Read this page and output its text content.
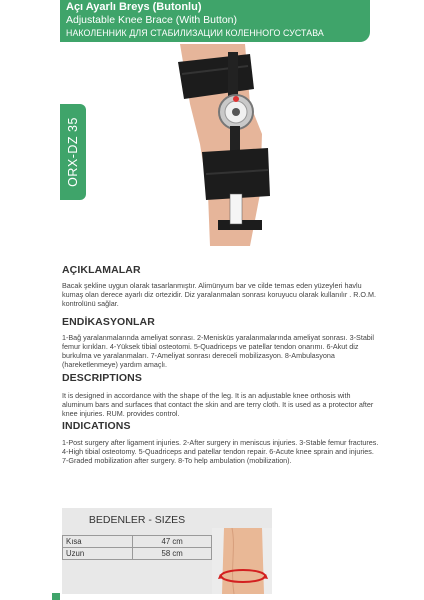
Açı Ayarlı Breys (Butonlu)
Adjustable Knee Brace (With Button)
НАКОЛЕННИК ДЛЯ СТАБИЛИЗАЦИИ КОЛЕННОГО СУСТАВА
ORX-DZ 35
AÇIKLAMALAR
Bacak şekline uygun olarak tasarlanmıştır. Alimünyum bar ve cilde temas eden yüzeyleri havlu kumaş olan derece ayarlı diz ortezidir. Diz yaralanmalan sonrası koruyucu olarak kullanılır . R.O.M. kontrolünü sağlar.
ENDİKASYONLAR
1-Bağ yaralanmalarında ameliyat sonrası. 2-Menisküs yaralanmalarında ameliyat sonrası. 3-Stabil femur kırıkları. 4-Yüksek tibial osteotomi. 5-Quadriceps ve patellar tendon onarımı. 6-Akut diz burkulma ve yaralanmaları. 7-Ameliyat sonrası dereceli mobilizasyon. 8-Ambulasyona (hareketlenmeye) yardım amaçlı.
DESCRIPTIONS
It is designed in accordance with the shape of the leg. It is an adjustable knee orthosis with aluminum bars and surfaces that contact the skin and are terry cloth. It is used as a protector after knee injuries. RUM. provides control.
INDICATIONS
1-Post surgery after ligament injuries. 2-After surgery in meniscus injuries. 3-Stable femur fractures. 4-High tibial osteotomy. 5-Quadriceps and patellar tendon repair. 6-Acute knee sprain and injuries. 7-Graded mobilization after surgery. 8-To help ambulation (mobilization).
BEDENLER - SIZES
Kısa	47 cm
Uzun	58 cm
